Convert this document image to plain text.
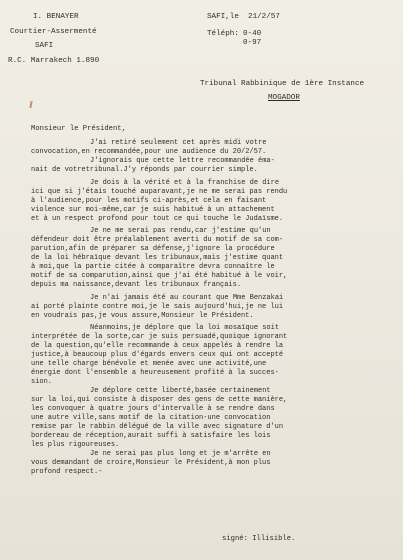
I. BENAYER
Courtier-Assermenté
SAFI
R.C. Marrakech 1.890
SAFI,le  21/2/57
Téléph: 0-40
0-97
Tribunal Rabbinique de 1ère Instance
MOGADOR
Monsieur le Président,
J'ai retiré seulement cet après midi votre
convocation,en recommandée,pour une audience du 20/2/57.
J'ignorais que cette lettre recommandée éma-
nait de votretribunal.J'y réponds par courrier simple.
Je dois à la vérité et à la franchise de dire
ici que si j'étais touché auparavant,je ne me serai pas rendu
à l'audience,pour les motifs ci-après,et cela en faisant
violence sur moi-même,car je suis habitué à un attachement
et à un respect profond pour tout ce qui touche le Judaïsme.
Je ne me serai pas rendu,car j'estime qu'un
défendeur doit être préalablement averti du motif de sa com-
parution,afin de préparer sa défense,j'ignore la procédure
de la loi hébraïque devant les tribunaux,mais j'estime quant
à moi,que la partie citée à comparaître devra connaître le
motif de sa comparution,ainsi que j'ai été habitué à le voir,
depuis ma naissance,devant les tribunaux français.
Je n'ai jamais été au courant que Mme Benzakai
ai porté plainte contre moi,je le sais aujourd'hui,je ne lui
en voudrais pas,je vous assure,Monsieur le Président.
Néanmoins,je déplore que la loi mosaïque soit
interprétée de la sorte,car je suis persuadé,quoique ignorant
de la question,qu'elle recommande à ceux appelés à rendre la
justice,à beaucoup plus d'égards envers ceux qui ont accepté
une telle charge bénévole et menée avec une activité,une
énergie dont l'ensemble a heureusement profité à la succes-
sion.
Je déplore cette liberté,basée certainement
sur la loi,qui consiste à disposer des gens de cette manière,
les convoquer à quatre jours d'intervalle à se rendre dans
une autre ville,sans motif de la citation-une convocation
remise par le rabbin délégué de la ville avec signature d'un
bordereau de réception,aurait suffi à satisfaire les lois
les plus rigoureuses.
Je ne serai pas plus long et je m'arrête en
vous demandant de croire,Monsieur le Président,à mon plus
profond respect.-
signé: Illisible.
